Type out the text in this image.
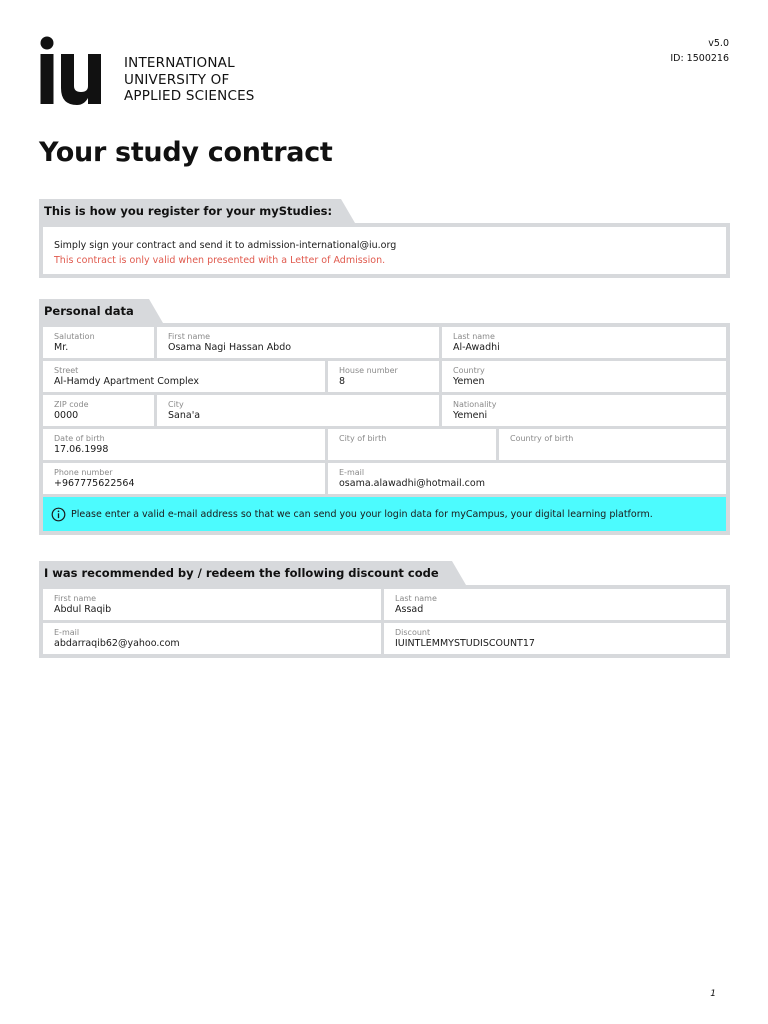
INTERNATIONAL
UNIVERSITY OF
APPLIED SCIENCES
v5.0
ID: 1500216
Your study contract
This is how you register for your myStudies:
Simply sign your contract and send it to admission-international@iu.org
This contract is only valid when presented with a Letter of Admission.
Personal data
Salutation
Mr.
First name
Osama Nagi Hassan Abdo
Last name
Al-Awadhi
Street
Al-Hamdy Apartment Complex
House number
8
Country
Yemen
ZIP code
0000
City
Sana'a
Nationality
Yemeni
Date of birth
17.06.1998
City of birth	Country of birth
Phone number
+967775622564
E-mail
osama.alawadhi@hotmail.com
Please enter a valid e-mail address so that we can send you your login data for myCampus, your digital learning platform.
I was recommended by / redeem the following discount code
First name
Abdul Raqib
Last name
Assad
E-mail
abdarraqib62@yahoo.com
Discount
IUINTLEMMYSTUDISCOUNT17
1
